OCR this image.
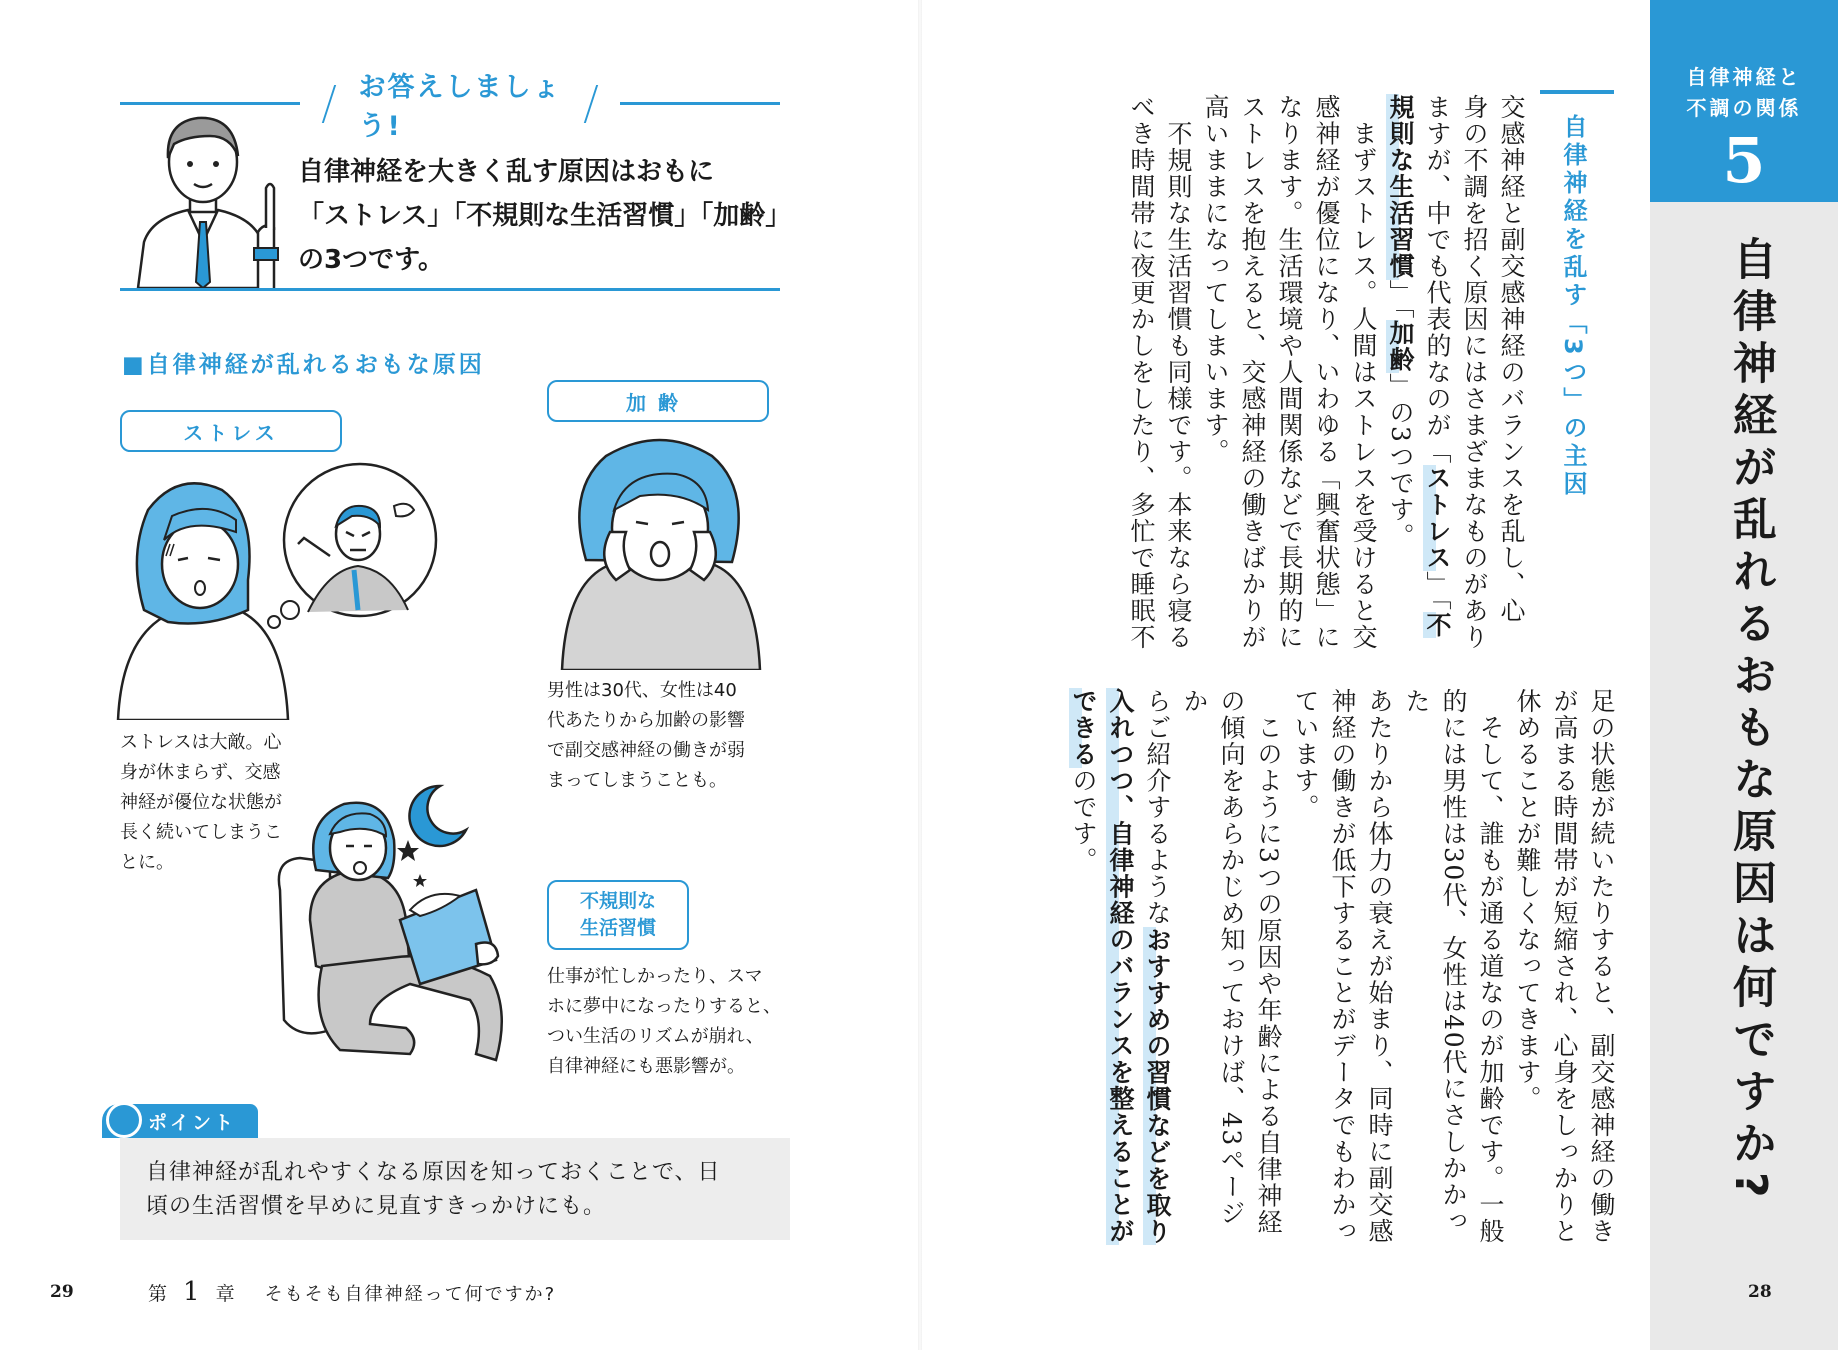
お答えしましょう!
自律神経を大きく乱す原因はおもに
「ストレス」「不規則な生活習慣」「加齢」
の3つです。
■自律神経が乱れるおもな原因
ストレス
加齢
不規則な
生活習慣
ストレスは大敵。心
身が休まらず、交感
神経が優位な状態が
長く続いてしまうこ
とに。
男性は30代、女性は40
代あたりから加齢の影響
で副交感神経の働きが弱
まってしまうことも。
仕事が忙しかったり、スマ
ホに夢中になったりすると、
つい生活のリズムが崩れ、
自律神経にも悪影響が。
ポイント
自律神経が乱れやすくなる原因を知っておくことで、日
頃の生活習慣を早めに見直すきっかけにも。
29	第 1 章 そもそも自律神経って何ですか?
自律神経を乱す「3つ」の主因
交感神経と副交感神経のバランスを乱し、心
身の不調を招く原因にはさまざまなものがあり
ますが、中でも代表的なのが「ストレス」「不
規則な生活習慣」「加齢」の3つです。
　まずストレス。人間はストレスを受けると交
感神経が優位になり、いわゆる「興奮状態」に
なります。生活環境や人間関係などで長期的に
ストレスを抱えると、交感神経の働きばかりが
高いままになってしまいます。
　不規則な生活習慣も同様です。本来なら寝る
べき時間帯に夜更かしをしたり、多忙で睡眠不
足の状態が続いたりすると、副交感神経の働き
が高まる時間帯が短縮され、心身をしっかりと
休めることが難しくなってきます。
　そして、誰もが通る道なのが加齢です。一般
的には男性は30代、女性は40代にさしかかった
あたりから体力の衰えが始まり、同時に副交感
神経の働きが低下することがデータでもわかっ
ています。
　このように3つの原因や年齢による自律神経
の傾向をあらかじめ知っておけば、43ページか
らご紹介するようなおすすめの習慣などを取り
入れつつ、自律神経のバランスを整えることが
できるのです。
自律神経と
不調の関係
5
自律神経が乱れるおもな原因は何ですか?
28
